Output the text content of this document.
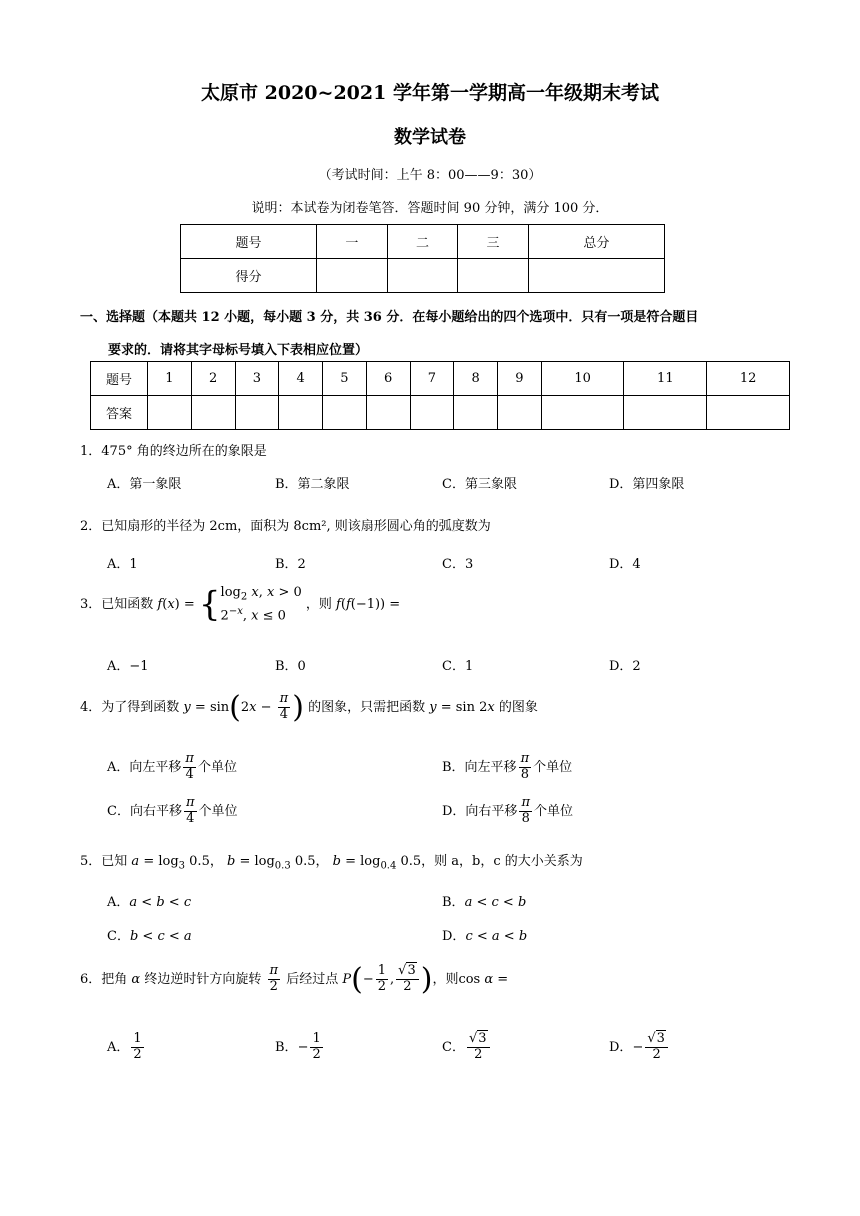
太原市 2020~2021 学年第一学期高一年级期末考试
数学试卷
（考试时间：上午 8：00——9：30）
说明：本试卷为闭卷笔答．答题时间 90 分钟，满分 100 分．
题号	一	二	三	总分
得分				
一、选择题（本题共 12 小题，每小题 3 分，共 36 分．在每小题给出的四个选项中．只有一项是符合题目
要求的．请将其字母标号填入下表相应位置）
题号	1	2	3	4	5	6	7	8	9	10	11	12
答案												
1．475° 角的终边所在的象限是
A．第一象限	B．第二象限	C．第三象限	D．第四象限
2．已知扇形的半径为 2cm，面积为 8cm², 则该扇形圆心角的弧度数为
A．1	B．2	C．3	D．4
3．已知函数 $f(x) = \{\log_2$ x, x > 0
$2^{-x}$, x ≤ 0 ，则 f(f(−1)) =
A．−1	B．0	C．1	D．2
4．为了得到函数 $y = \sin(2x - \frac{\pi}{4}$ ) 的图象，只需把函数 y = sin 2x 的图象
A．向左平移 $\frac{\pi}{4}$ 个单位	B．向左平移 $\frac{\pi}{8}$ 个单位
C．向右平移 $\frac{\pi}{4}$ 个单位	D．向右平移 $\frac{\pi}{8}$ 个单位
5．已知 $a = \log_3 0.5$， $b = \log_{0.3} 0.5$， $b = \log_{0.4} 0.5$，则 a，b，c 的大小关系为
A．a < b < c	B．a < c < b
C．b < c < a	D．c < a < b
6．把角 α 终边逆时针方向旋转 $\frac{\pi}{2}$ 后经过点 $P(- \frac{1}{2}$ , $\frac{√3}{2}$ )，则cos α =
A． $\frac{1}{2}$	B．− $\frac{1}{2}$	C． $\frac{√3}{2}$	D．− $\frac{√3}{2}$
